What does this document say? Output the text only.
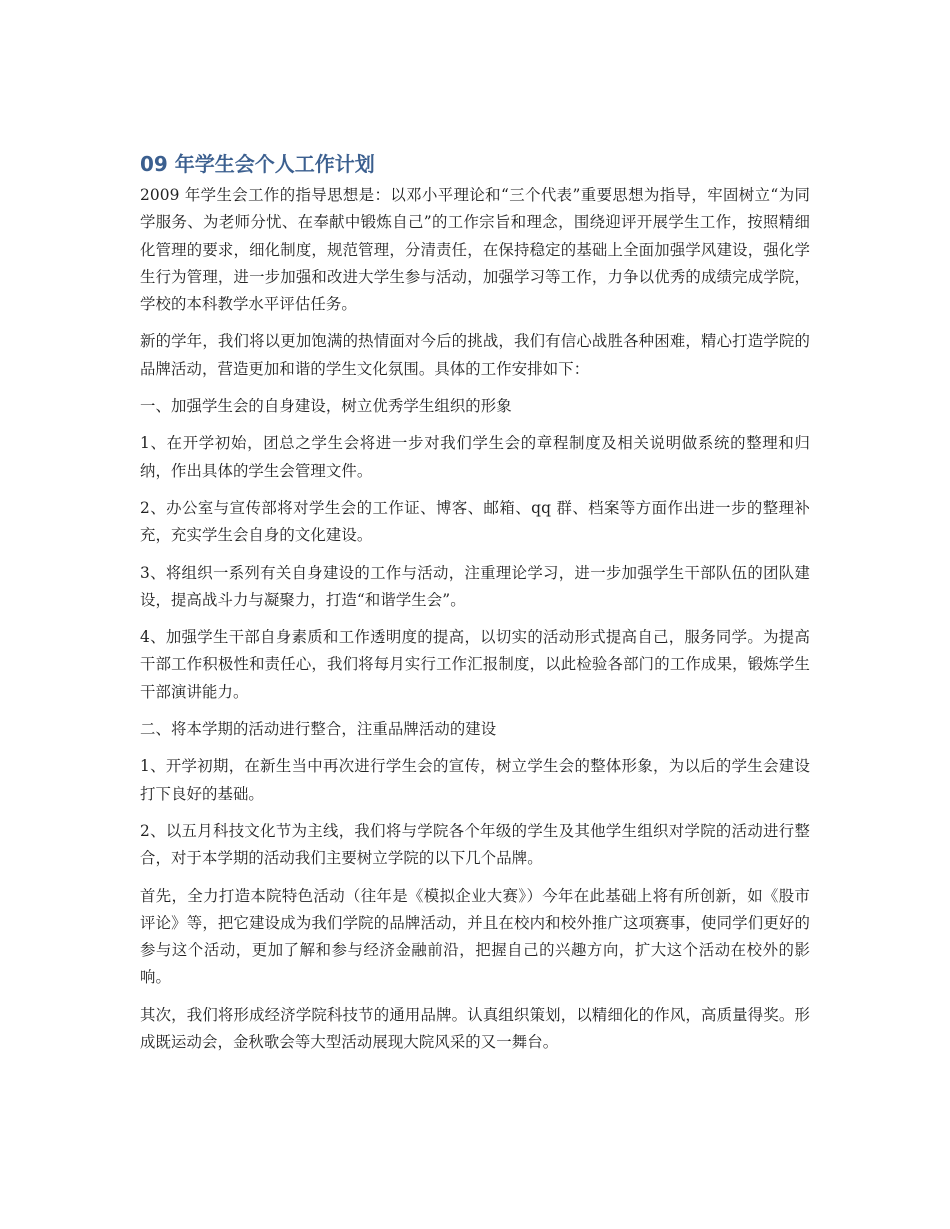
09 年学生会个人工作计划

2009 年学生会工作的指导思想是：以邓小平理论和“三个代表”重要思想为指导，牢固树立“为同学服务、为老师分忧、在奉献中锻炼自己”的工作宗旨和理念，围绕迎评开展学生工作，按照精细化管理的要求，细化制度，规范管理，分清责任，在保持稳定的基础上全面加强学风建设，强化学生行为管理，进一步加强和改进大学生参与活动，加强学习等工作，力争以优秀的成绩完成学院，学校的本科教学水平评估任务。

新的学年，我们将以更加饱满的热情面对今后的挑战，我们有信心战胜各种困难，精心打造学院的品牌活动，营造更加和谐的学生文化氛围。具体的工作安排如下：

一、加强学生会的自身建设，树立优秀学生组织的形象

1、在开学初始，团总之学生会将进一步对我们学生会的章程制度及相关说明做系统的整理和归纳，作出具体的学生会管理文件。

2、办公室与宣传部将对学生会的工作证、博客、邮箱、qq 群、档案等方面作出进一步的整理补充，充实学生会自身的文化建设。

3、将组织一系列有关自身建设的工作与活动，注重理论学习，进一步加强学生干部队伍的团队建设，提高战斗力与凝聚力，打造“和谐学生会”。

4、加强学生干部自身素质和工作透明度的提高，以切实的活动形式提高自己，服务同学。为提高干部工作积极性和责任心，我们将每月实行工作汇报制度，以此检验各部门的工作成果，锻炼学生干部演讲能力。

二、将本学期的活动进行整合，注重品牌活动的建设

1、开学初期，在新生当中再次进行学生会的宣传，树立学生会的整体形象，为以后的学生会建设打下良好的基础。

2、以五月科技文化节为主线，我们将与学院各个年级的学生及其他学生组织对学院的活动进行整合，对于本学期的活动我们主要树立学院的以下几个品牌。

首先，全力打造本院特色活动（往年是《模拟企业大赛》）今年在此基础上将有所创新，如《股市评论》等，把它建设成为我们学院的品牌活动，并且在校内和校外推广这项赛事，使同学们更好的参与这个活动，更加了解和参与经济金融前沿，把握自己的兴趣方向，扩大这个活动在校外的影响。

其次，我们将形成经济学院科技节的通用品牌。认真组织策划，以精细化的作风，高质量得奖。形成既运动会，金秋歌会等大型活动展现大院风采的又一舞台。
